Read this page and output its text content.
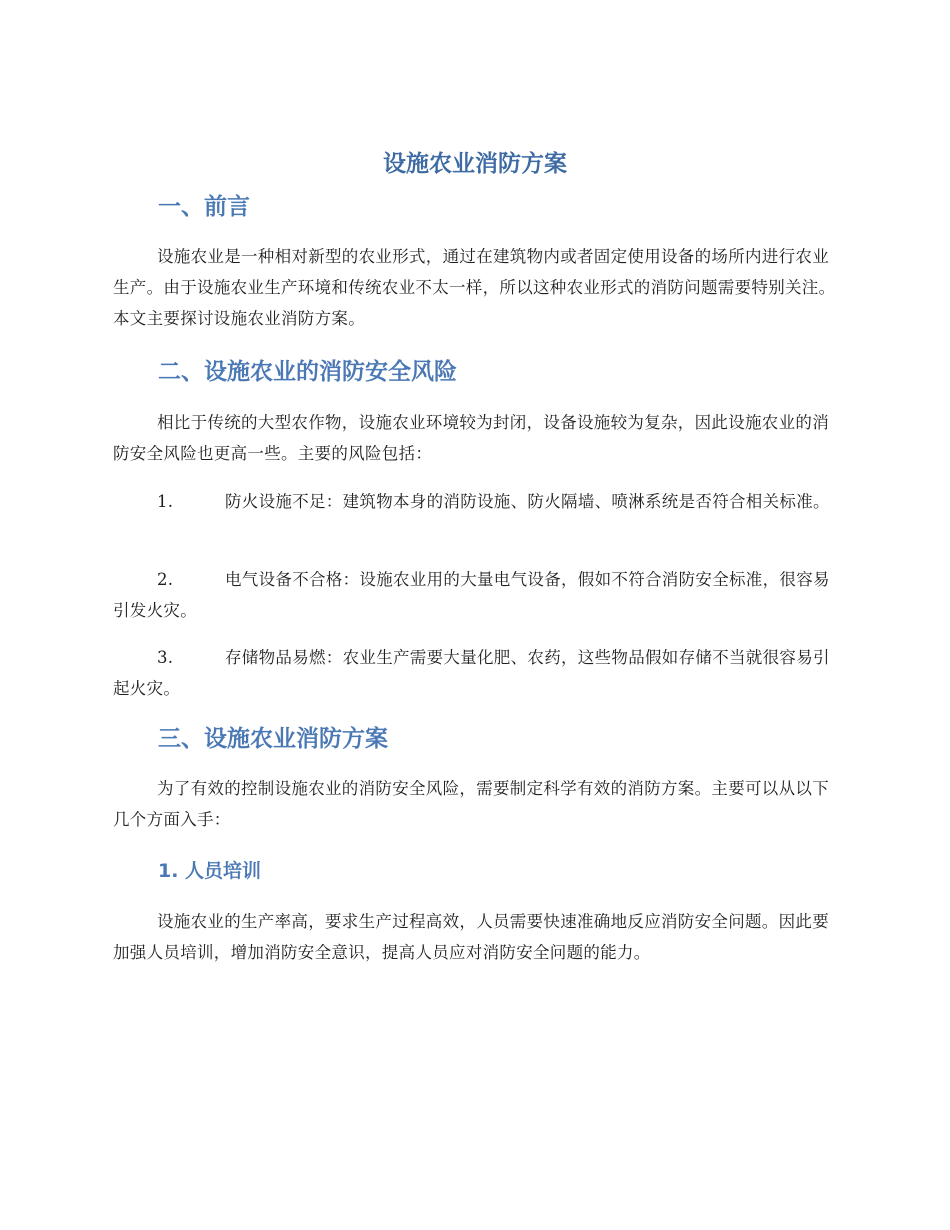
设施农业消防方案
一、前言

设施农业是一种相对新型的农业形式，通过在建筑物内或者固定使用设备的场所内进行农业生产。由于设施农业生产环境和传统农业不太一样，所以这种农业形式的消防问题需要特别关注。本文主要探讨设施农业消防方案。

二、设施农业的消防安全风险

相比于传统的大型农作物，设施农业环境较为封闭，设备设施较为复杂，因此设施农业的消防安全风险也更高一些。主要的风险包括：

1.	防火设施不足：建筑物本身的消防设施、防火隔墙、喷淋系统是否符合相关标准。

2.	电气设备不合格：设施农业用的大量电气设备，假如不符合消防安全标准，很容易引发火灾。

3.	存储物品易燃：农业生产需要大量化肥、农药，这些物品假如存储不当就很容易引起火灾。

三、设施农业消防方案

为了有效的控制设施农业的消防安全风险，需要制定科学有效的消防方案。主要可以从以下几个方面入手：

1. 人员培训

设施农业的生产率高，要求生产过程高效，人员需要快速准确地反应消防安全问题。因此要加强人员培训，增加消防安全意识，提高人员应对消防安全问题的能力。
